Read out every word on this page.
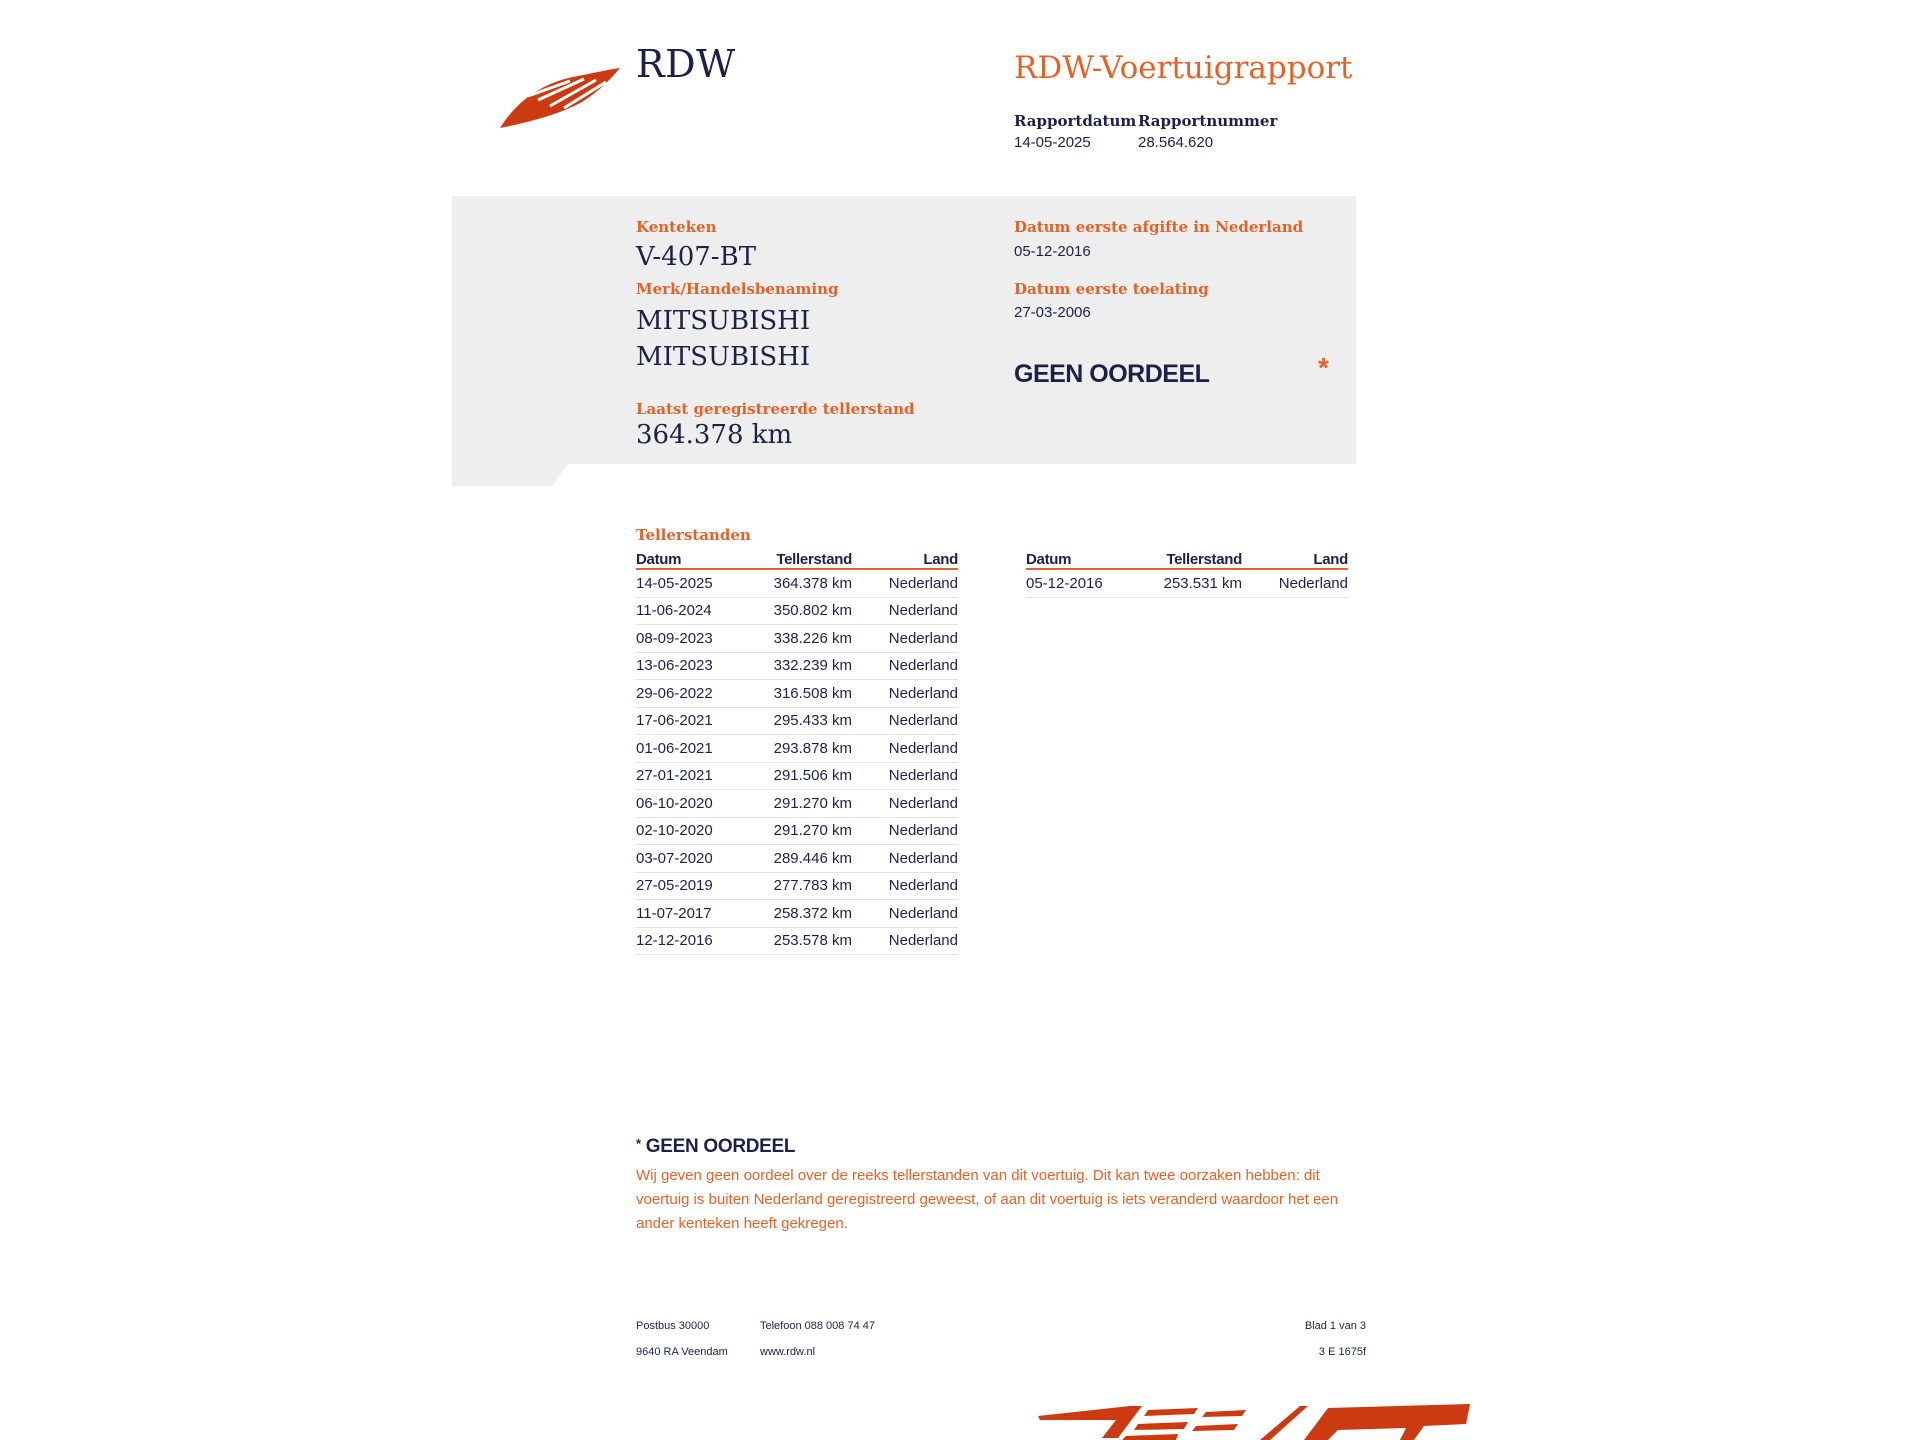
RDW	RDW-Voertuigrapport
Rapportdatum
14-05-2025
Rapportnummer
28.564.620
Kenteken
V-407-BT
Merk/Handelsbenaming
MITSUBISHI
MITSUBISHI
Laatst geregistreerde tellerstand
364.378 km
Datum eerste afgifte in Nederland
05-12-2016
Datum eerste toelating
27-03-2006
GEEN OORDEEL	*
Tellerstanden
Datum	Tellerstand	Land
14-05-2025	364.378 km	Nederland
11-06-2024	350.802 km	Nederland
08-09-2023	338.226 km	Nederland
13-06-2023	332.239 km	Nederland
29-06-2022	316.508 km	Nederland
17-06-2021	295.433 km	Nederland
01-06-2021	293.878 km	Nederland
27-01-2021	291.506 km	Nederland
06-10-2020	291.270 km	Nederland
02-10-2020	291.270 km	Nederland
03-07-2020	289.446 km	Nederland
27-05-2019	277.783 km	Nederland
11-07-2017	258.372 km	Nederland
12-12-2016	253.578 km	Nederland
Datum	Tellerstand	Land
05-12-2016	253.531 km	Nederland
* GEEN OORDEEL
Wij geven geen oordeel over de reeks tellerstanden van dit voertuig. Dit kan twee oorzaken hebben: dit voertuig is buiten Nederland geregistreerd geweest, of aan dit voertuig is iets veranderd waardoor het een ander kenteken heeft gekregen.
Postbus 30000
9640 RA Veendam
Telefoon 088 008 74 47
www.rdw.nl
Blad 1 van 3
3 E 1675f
